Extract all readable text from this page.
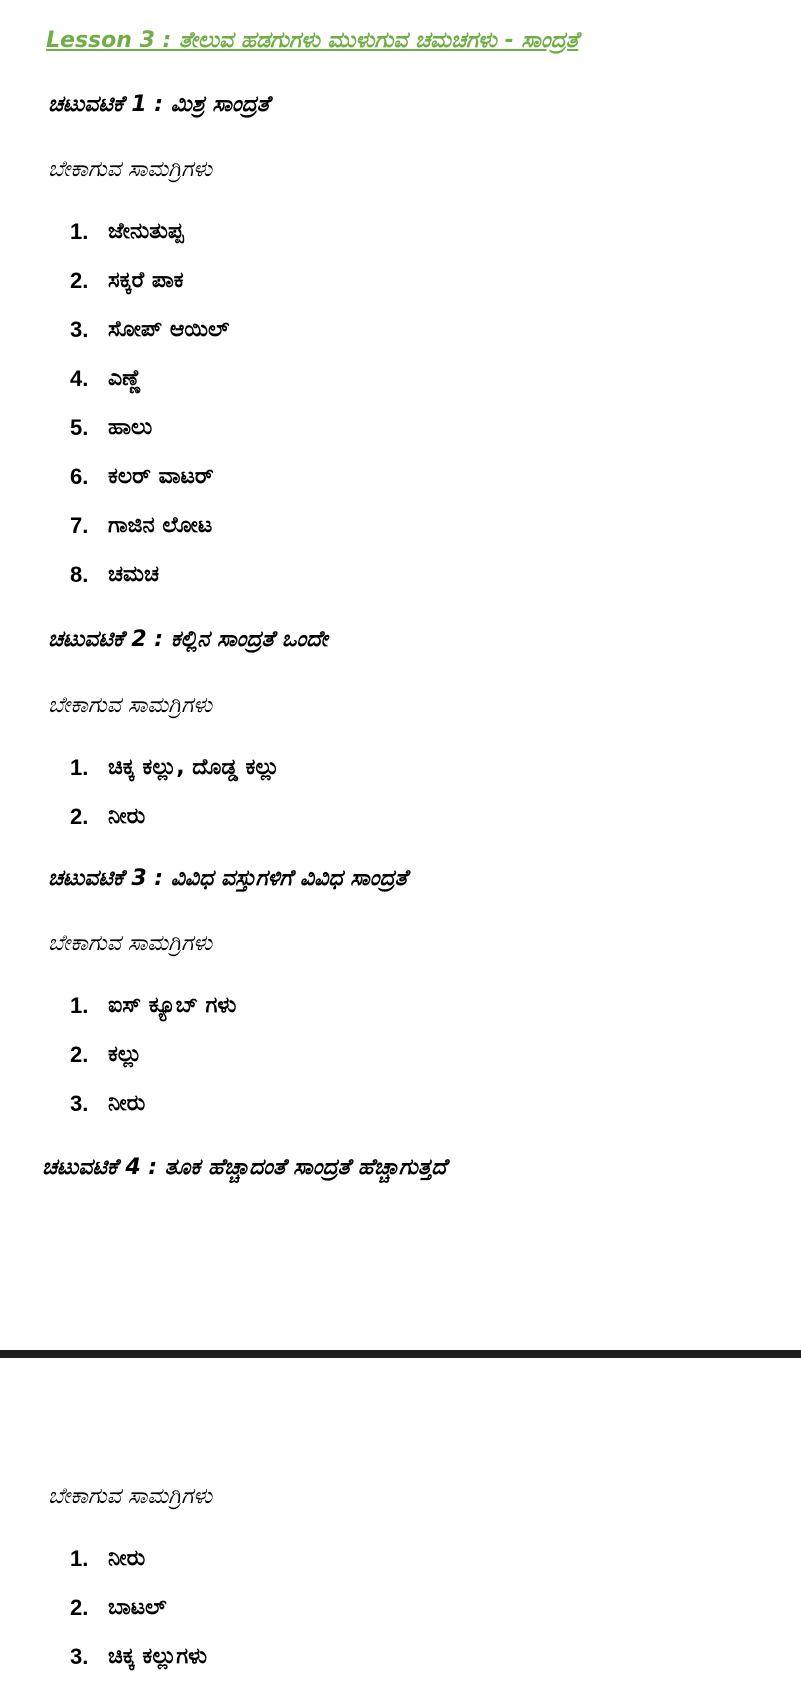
Lesson 3 : ತೇಲುವ ಹಡಗುಗಳು ಮುಳುಗುವ ಚಮಚಗಳು - ಸಾಂದ್ರತೆ
ಚಟುವಟಿಕೆ 1 : ಮಿಶ್ರ ಸಾಂದ್ರತೆ

ಬೇಕಾಗುವ ಸಾಮಗ್ರಿಗಳು

1. ಜೇನುತುಪ್ಪ
2. ಸಕ್ಕರೆ ಪಾಕ
3. ಸೋಪ್ ಆಯಿಲ್
4. ಎಣ್ಣೆ
5. ಹಾಲು
6. ಕಲರ್ ವಾಟರ್
7. ಗಾಜಿನ ಲೋಟ
8. ಚಮಚ
ಚಟುವಟಿಕೆ 2 : ಕಲ್ಲಿನ ಸಾಂದ್ರತೆ ಒಂದೇ

ಬೇಕಾಗುವ ಸಾಮಗ್ರಿಗಳು

1. ಚಿಕ್ಕ ಕಲ್ಲು, ದೊಡ್ಡ ಕಲ್ಲು
2. ನೀರು
ಚಟುವಟಿಕೆ 3 : ವಿವಿಧ ವಸ್ತುಗಳಿಗೆ ವಿವಿಧ ಸಾಂದ್ರತೆ

ಬೇಕಾಗುವ ಸಾಮಗ್ರಿಗಳು

1. ಐಸ್ ಕ್ಯೂಬ್ ಗಳು
2. ಕಲ್ಲು
3. ನೀರು
ಚಟುವಟಿಕೆ 4 : ತೂಕ ಹೆಚ್ಚಾದಂತೆ ಸಾಂದ್ರತೆ ಹೆಚ್ಚಾಗುತ್ತದೆ

ಬೇಕಾಗುವ ಸಾಮಗ್ರಿಗಳು

1. ನೀರು
2. ಬಾಟಲ್
3. ಚಿಕ್ಕ ಕಲ್ಲುಗಳು
